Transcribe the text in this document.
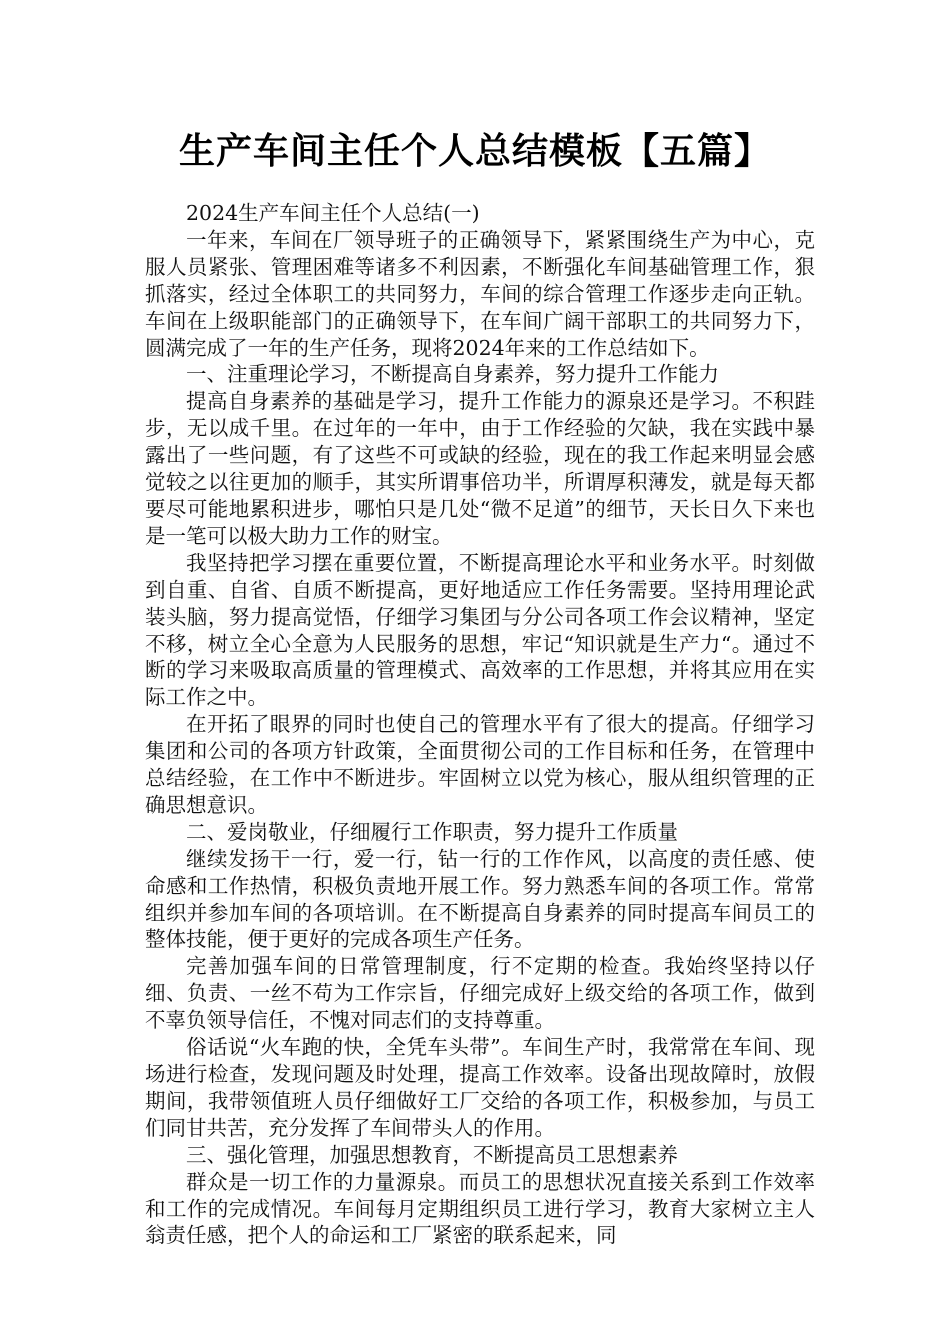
生产车间主任个人总结模板【五篇】

2024生产车间主任个人总结(一)

一年来，车间在厂领导班子的正确领导下，紧紧围绕生产为中心，克服人员紧张、管理困难等诸多不利因素，不断强化车间基础管理工作，狠抓落实，经过全体职工的共同努力，车间的综合管理工作逐步走向正轨。车间在上级职能部门的正确领导下，在车间广阔干部职工的共同努力下，圆满完成了一年的生产任务，现将2024年来的工作总结如下。

一、注重理论学习，不断提高自身素养，努力提升工作能力

提高自身素养的基础是学习，提升工作能力的源泉还是学习。不积跬步，无以成千里。在过年的一年中，由于工作经验的欠缺，我在实践中暴露出了一些问题，有了这些不可或缺的经验，现在的我工作起来明显会感觉较之以往更加的顺手，其实所谓事倍功半，所谓厚积薄发，就是每天都要尽可能地累积进步，哪怕只是几处“微不足道”的细节，天长日久下来也是一笔可以极大助力工作的财宝。

我坚持把学习摆在重要位置，不断提高理论水平和业务水平。时刻做到自重、自省、自质不断提高，更好地适应工作任务需要。坚持用理论武装头脑，努力提高觉悟，仔细学习集团与分公司各项工作会议精神，坚定不移，树立全心全意为人民服务的思想，牢记“知识就是生产力“。通过不断的学习来吸取高质量的管理模式、高效率的工作思想，并将其应用在实际工作之中。

在开拓了眼界的同时也使自己的管理水平有了很大的提高。仔细学习集团和公司的各项方针政策，全面贯彻公司的工作目标和任务，在管理中总结经验，在工作中不断进步。牢固树立以党为核心，服从组织管理的正确思想意识。

二、爱岗敬业，仔细履行工作职责，努力提升工作质量

继续发扬干一行，爱一行，钻一行的工作作风，以高度的责任感、使命感和工作热情，积极负责地开展工作。努力熟悉车间的各项工作。常常组织并参加车间的各项培训。在不断提高自身素养的同时提高车间员工的整体技能，便于更好的完成各项生产任务。

完善加强车间的日常管理制度，行不定期的检查。我始终坚持以仔细、负责、一丝不苟为工作宗旨，仔细完成好上级交给的各项工作，做到不辜负领导信任，不愧对同志们的支持尊重。

俗话说“火车跑的快，全凭车头带”。车间生产时，我常常在车间、现场进行检查，发现问题及时处理，提高工作效率。设备出现故障时，放假期间，我带领值班人员仔细做好工厂交给的各项工作，积极参加，与员工们同甘共苦，充分发挥了车间带头人的作用。

三、强化管理，加强思想教育，不断提高员工思想素养

群众是一切工作的力量源泉。而员工的思想状况直接关系到工作效率和工作的完成情况。车间每月定期组织员工进行学习，教育大家树立主人翁责任感，把个人的命运和工厂紧密的联系起来，同
